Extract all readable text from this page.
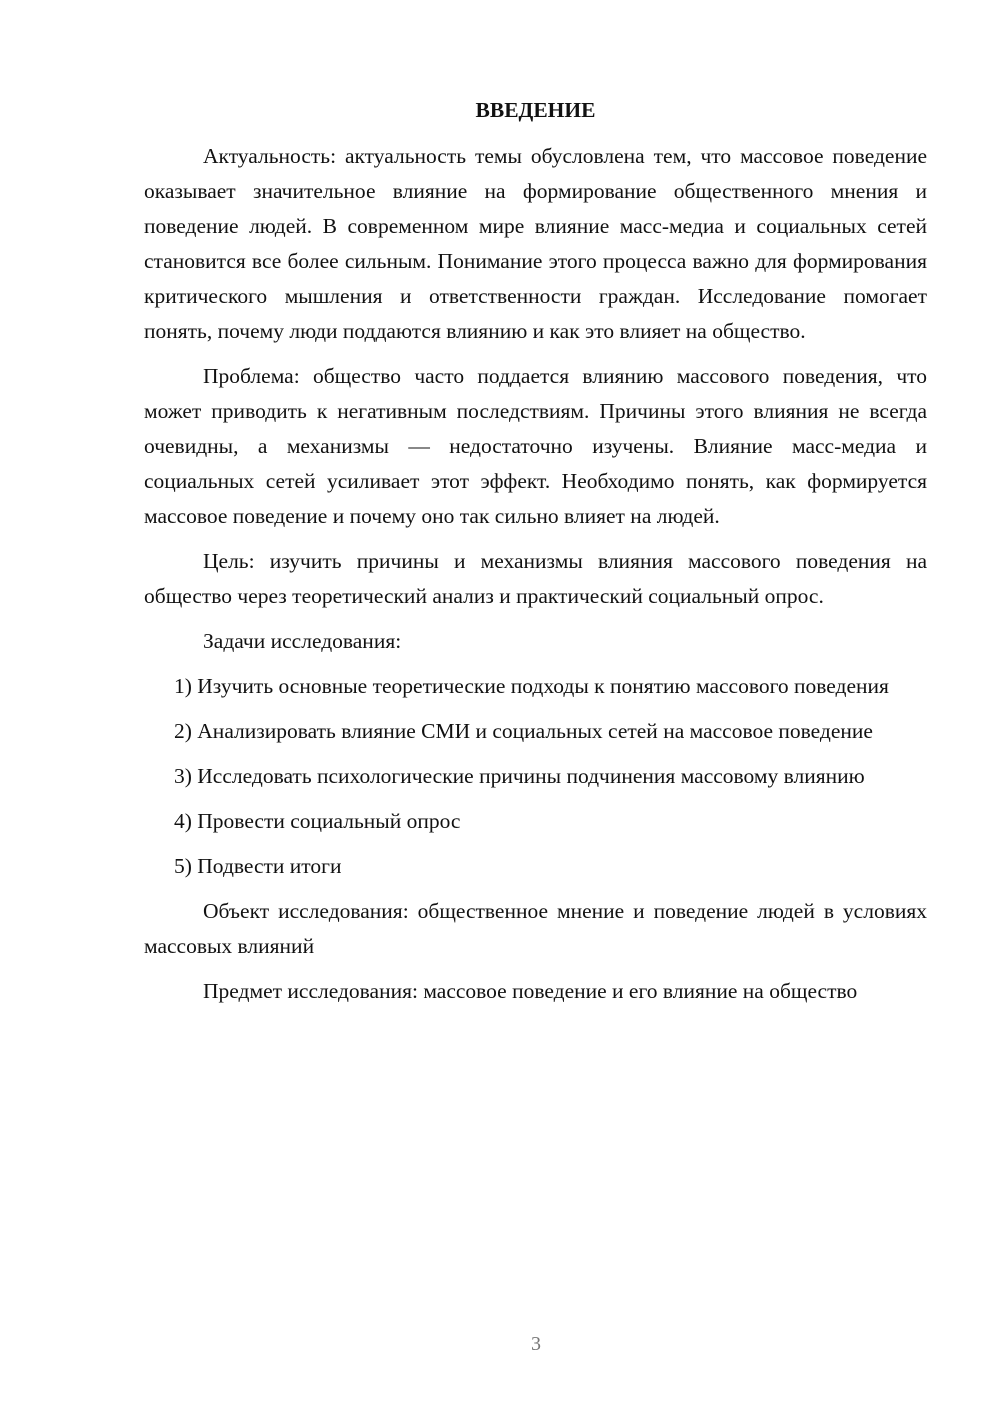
ВВЕДЕНИЕ

Актуальность: актуальность темы обусловлена тем, что массовое поведение оказывает значительное влияние на формирование общественного мнения и поведение людей. В современном мире влияние масс-медиа и социальных сетей становится все более сильным. Понимание этого процесса важно для формирования критического мышления и ответственности граждан. Исследование помогает понять, почему люди поддаются влиянию и как это влияет на общество.

Проблема: общество часто поддается влиянию массового поведения, что может приводить к негативным последствиям. Причины этого влияния не всегда очевидны, а механизмы — недостаточно изучены. Влияние масс-медиа и социальных сетей усиливает этот эффект. Необходимо понять, как формируется массовое поведение и почему оно так сильно влияет на людей.

Цель: изучить причины и механизмы влияния массового поведения на общество через теоретический анализ и практический социальный опрос.

Задачи исследования:

1) Изучить основные теоретические подходы к понятию массового поведения

2) Анализировать влияние СМИ и социальных сетей на массовое поведение

3) Исследовать психологические причины подчинения массовому влиянию

4) Провести социальный опрос

5) Подвести итоги

Объект исследования: общественное мнение и поведение людей в условиях массовых влияний

Предмет исследования: массовое поведение и его влияние на общество

3
